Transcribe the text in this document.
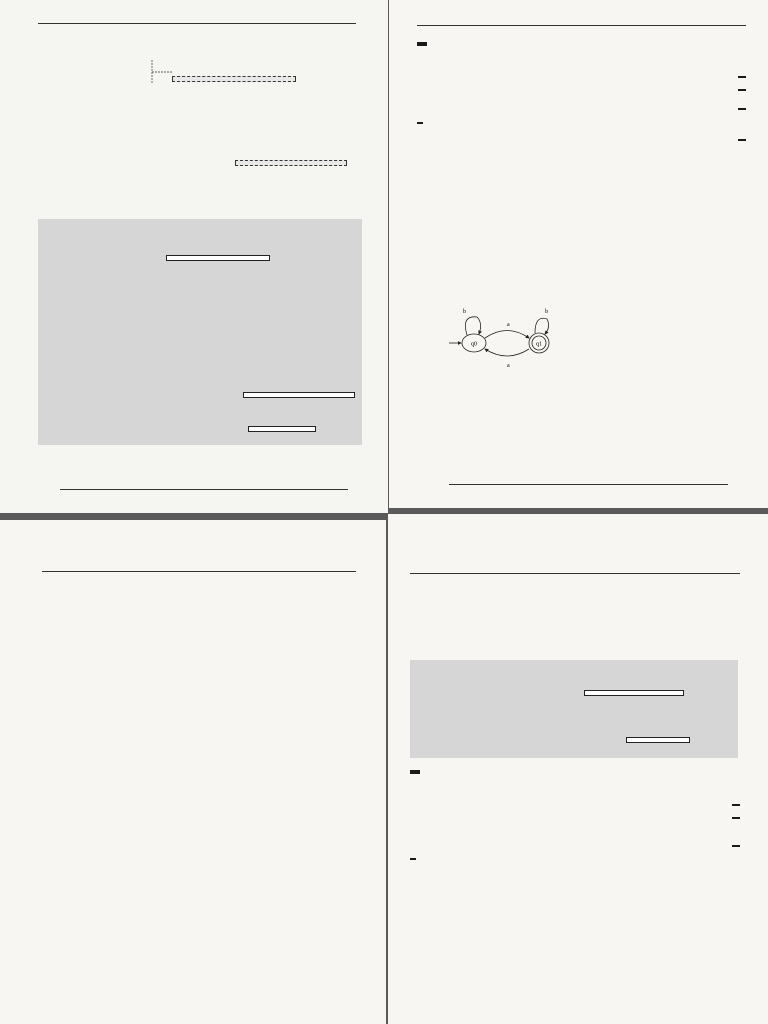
q0	q1
b
a
a
b
